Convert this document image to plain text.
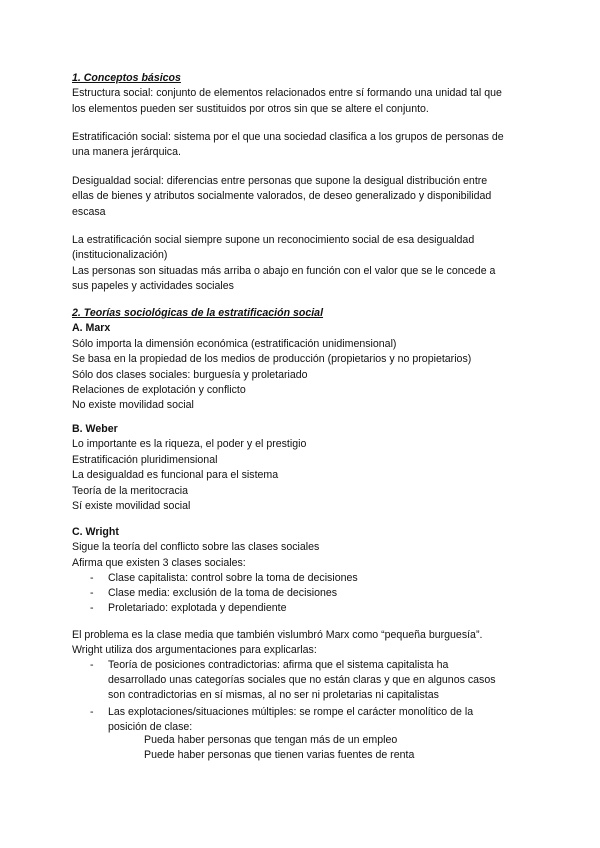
1. Conceptos básicos
Estructura social: conjunto de elementos relacionados entre sí formando una unidad tal que
los elementos pueden ser sustituidos por otros sin que se altere el conjunto.
Estratificación social: sistema por el que una sociedad clasifica a los grupos de personas de
una manera jerárquica.
Desigualdad social: diferencias entre personas que supone la desigual distribución entre
ellas de bienes y atributos socialmente valorados, de deseo generalizado y disponibilidad
escasa
La estratificación social siempre supone un reconocimiento social de esa desigualdad
(institucionalización)
Las personas son situadas más arriba o abajo en función con el valor que se le concede a
sus papeles y actividades sociales
2. Teorías sociológicas de la estratificación social
A. Marx
Sólo importa la dimensión económica (estratificación unidimensional)
Se basa en la propiedad de los medios de producción (propietarios y no propietarios)
Sólo dos clases sociales: burguesía y proletariado
Relaciones de explotación y conflicto
No existe movilidad social
B. Weber
Lo importante es la riqueza, el poder y el prestigio
Estratificación pluridimensional
La desigualdad es funcional para el sistema
Teoría de la meritocracia
Sí existe movilidad social
C. Wright
Sigue la teoría del conflicto sobre las clases sociales
Afirma que existen 3 clases sociales:
- Clase capitalista: control sobre la toma de decisiones
- Clase media: exclusión de la toma de decisiones
- Proletariado: explotada y dependiente
El problema es la clase media que también vislumbró Marx como “pequeña burguesía”.
Wright utiliza dos argumentaciones para explicarlas:
- Teoría de posiciones contradictorias: afirma que el sistema capitalista ha
desarrollado unas categorías sociales que no están claras y que en algunos casos
son contradictorias en sí mismas, al no ser ni proletarias ni capitalistas
- Las explotaciones/situaciones múltiples: se rompe el carácter monolítico de la
posición de clase:
Pueda haber personas que tengan más de un empleo
Puede haber personas que tienen varias fuentes de renta
